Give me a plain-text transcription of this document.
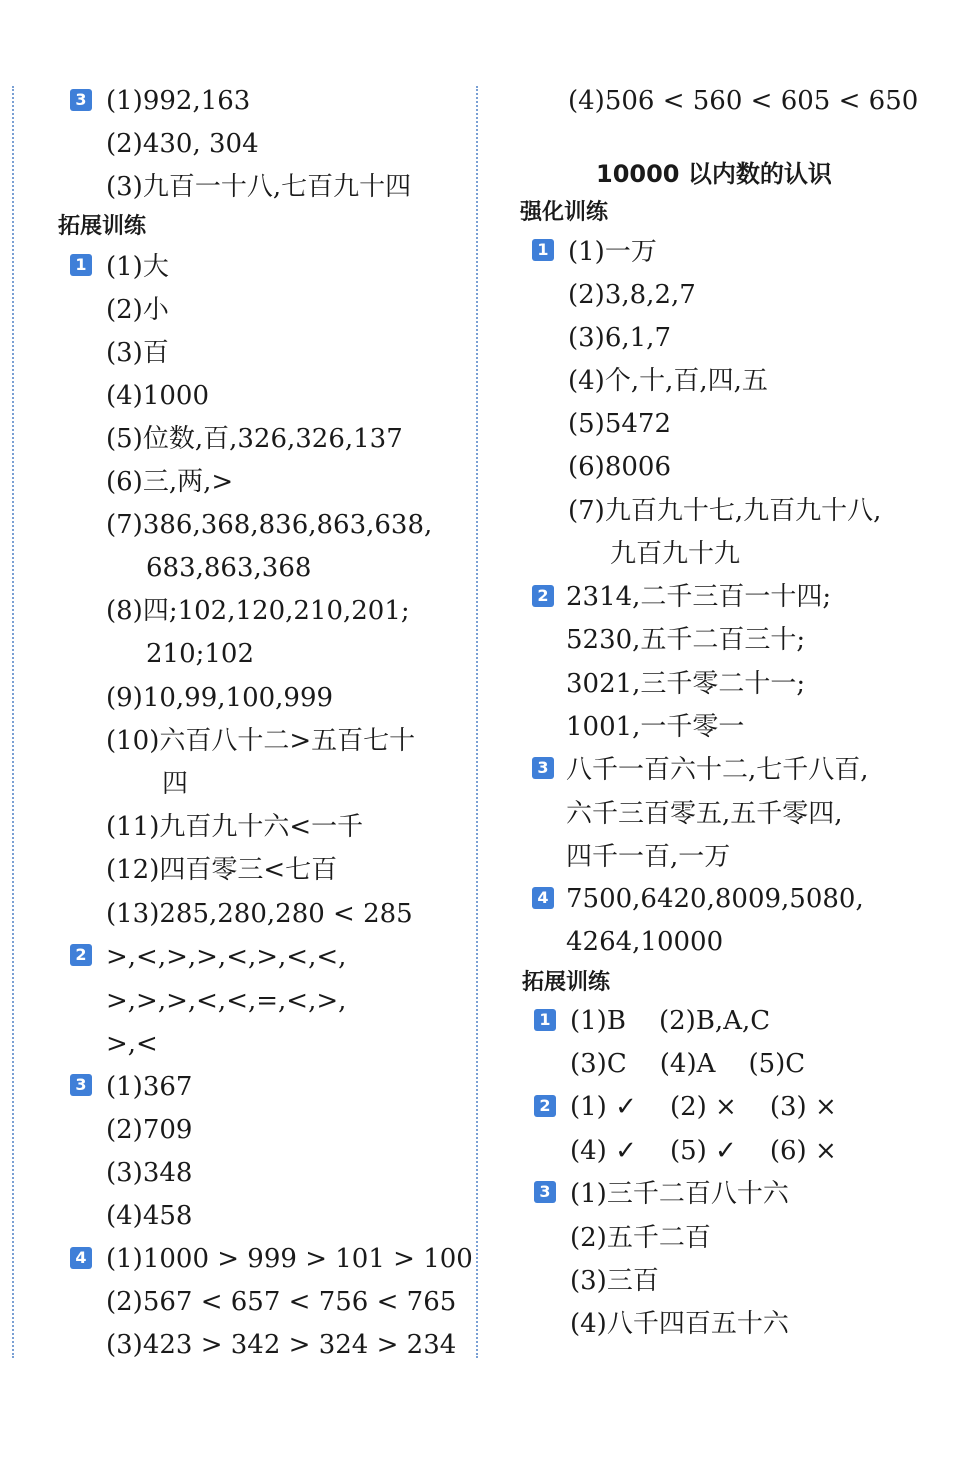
3 (1)992,163
(2)430, 304
(3)九百一十八,七百九十四
拓展训练
1 (1)大
(2)小
(3)百
(4)1000
(5)位数,百,326,326,137
(6)三,两,>
(7)386,368,836,863,638,
683,863,368
(8)四;102,120,210,201;
210;102
(9)10,99,100,999
(10)六百八十二>五百七十
四
(11)九百九十六<一千
(12)四百零三<七百
(13)285,280,280 < 285
2 >,<,>,>,<,>,<,<,
>,>,>,<,<,=,<,>,
>,<
3 (1)367
(2)709
(3)348
(4)458
4 (1)1000 > 999 > 101 > 100
(2)567 < 657 < 756 < 765
(3)423 > 342 > 324 > 234
(4)506 < 560 < 605 < 650
10000 以内数的认识
强化训练
1 (1)一万
(2)3,8,2,7
(3)6,1,7
(4)个,十,百,四,五
(5)5472
(6)8006
(7)九百九十七,九百九十八,
九百九十九
2 2314,二千三百一十四;
5230,五千二百三十;
3021,三千零二十一;
1001,一千零一
3 八千一百六十二,七千八百,
六千三百零五,五千零四,
四千一百,一万
4 7500,6420,8009,5080,
4264,10000
拓展训练
1 (1)B    (2)B,A,C
(3)C    (4)A    (5)C
2 (1) ✓    (2) ×    (3) ×
(4) ✓    (5) ✓    (6) ×
3 (1)三千二百八十六
(2)五千二百
(3)三百
(4)八千四百五十六
